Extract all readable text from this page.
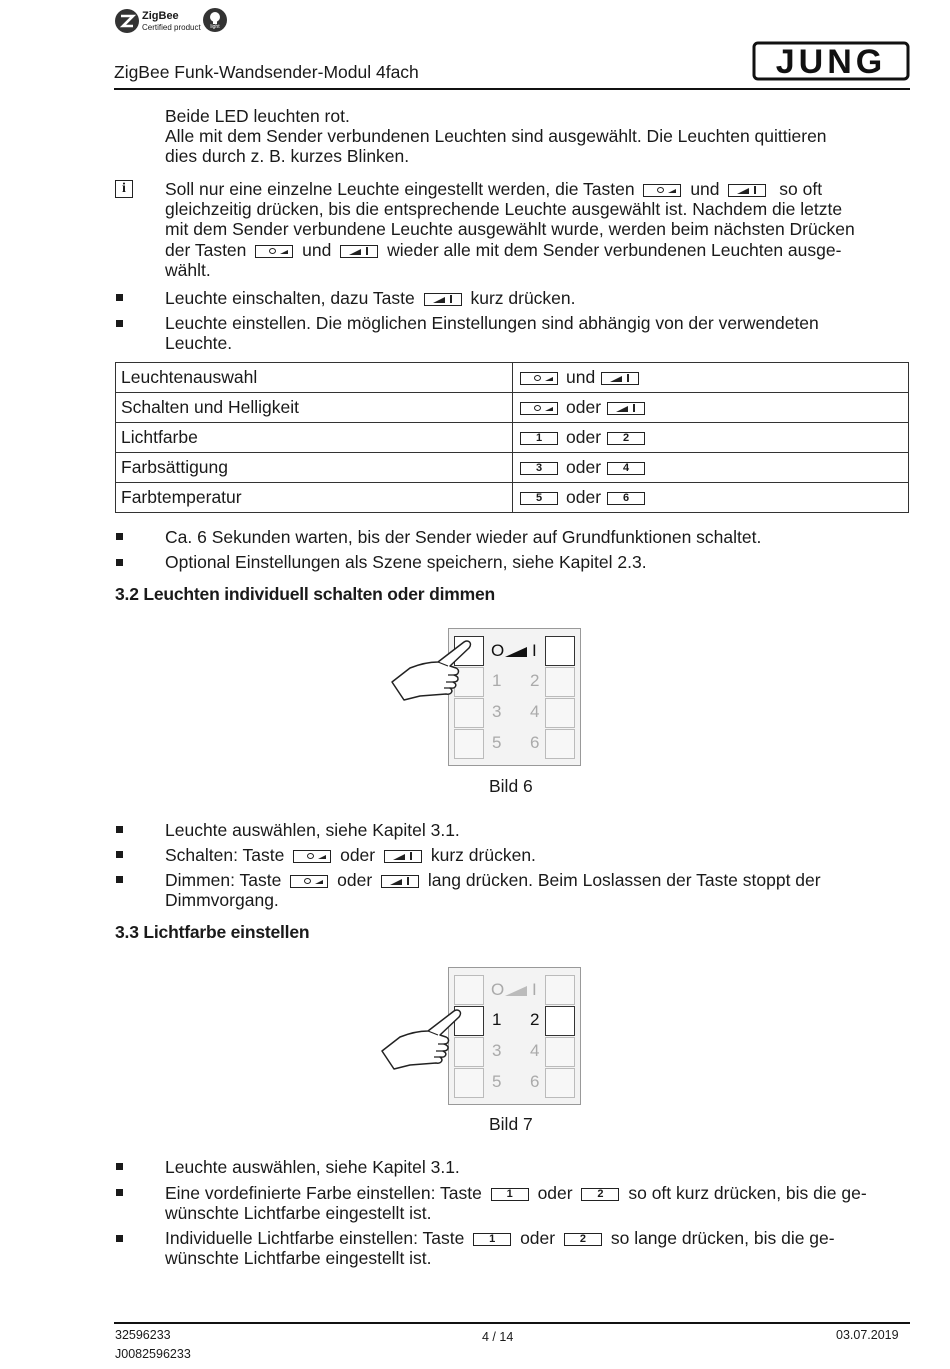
ZigBee
Certified product	light
ZigBee Funk-Wandsender-Modul 4fach	JUNG
Beide LED leuchten rot.
Alle mit dem Sender verbundenen Leuchten sind ausgewählt. Die Leuchten quittieren
dies durch z. B. kurzes Blinken.
i	Soll nur eine einzelne Leuchte eingestellt werden, die Tasten	und	so oft
gleichzeitig drücken, bis die entsprechende Leuchte ausgewählt ist. Nachdem die letzte
mit dem Sender verbundene Leuchte ausgewählt wurde, werden beim nächsten Drücken
der Tasten	und	wieder alle mit dem Sender verbundenen Leuchten ausge-
wählt.
Leuchte einschalten, dazu Taste	kurz drücken.
Leuchte einstellen. Die möglichen Einstellungen sind abhängig von der verwendeten
Leuchte.
Leuchtenauswahl	und
Schalten und Helligkeit	oder
Lichtfarbe	1 oder 2

Farbsättigung	3 oder 4

Farbtemperatur	5 oder 6
Ca. 6 Sekunden warten, bis der Sender wieder auf Grundfunktionen schaltet.
Optional Einstellungen als Szene speichern, siehe Kapitel 2.3.
3.2 Leuchten individuell schalten oder dimmen
O I
1 2
3 4
5 6
Bild 6
Leuchte auswählen, siehe Kapitel 3.1.
Schalten: Taste	oder	kurz drücken.
Dimmen: Taste	oder	lang drücken. Beim Loslassen der Taste stoppt der
Dimmvorgang.
3.3 Lichtfarbe einstellen
O I
1 2
3 4
5 6
Bild 7
Leuchte auswählen, siehe Kapitel 3.1.
Eine vordefinierte Farbe einstellen: Taste	1	oder	2	so oft kurz drücken, bis die ge-
wünschte Lichtfarbe eingestellt ist.
Individuelle Lichtfarbe einstellen: Taste	1	oder	2	so lange drücken, bis die ge-
wünschte Lichtfarbe eingestellt ist.
32596233
J0082596233
4 / 14	03.07.2019
